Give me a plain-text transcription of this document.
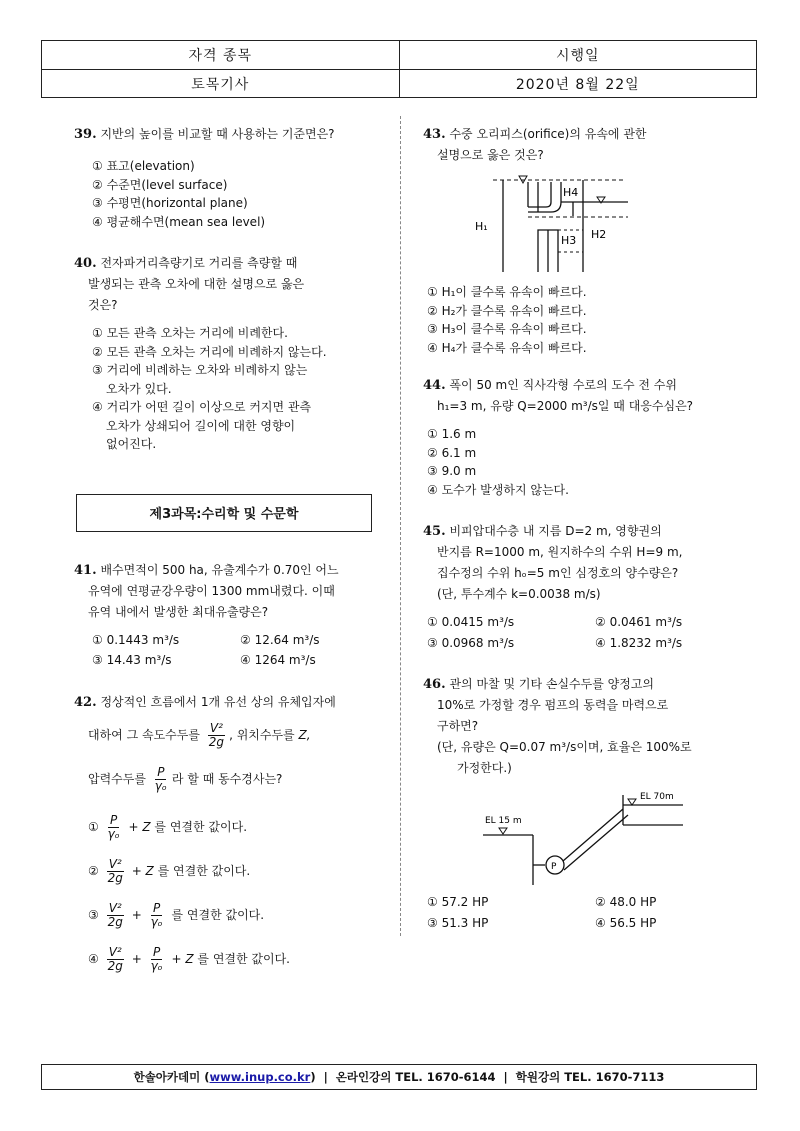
자격 종목	시행일
토목기사	2020년 8월 22일
39. 지반의 높이를 비교할 때 사용하는 기준면은?
① 표고(elevation)
② 수준면(level surface)
③ 수평면(horizontal plane)
④ 평균해수면(mean sea level)
40. 전자파거리측량기로 거리를 측량할 때
발생되는 관측 오차에 대한 설명으로 옳은
것은?
① 모든 관측 오차는 거리에 비례한다.
② 모든 관측 오차는 거리에 비례하지 않는다.
③ 거리에 비례하는 오차와 비례하지 않는
오차가 있다.
④ 거리가 어떤 길이 이상으로 커지면 관측
오차가 상쇄되어 길이에 대한 영향이
없어진다.
제3과목:수리학 및 수문학
41. 배수면적이 500 ha, 유출계수가 0.70인 어느
유역에 연평균강우량이 1300 mm내렸다. 이때
유역 내에서 발생한 최대유출량은?
① 0.1443 m³/s	② 12.64 m³/s
③ 14.43 m³/s	④ 1264 m³/s
42. 정상적인 흐름에서 1개 유선 상의 유체입자에
대하여 그 속도수두를 $\frac{\text{V²}}{2g}$ , 위치수두를 Z,
압력수두를 $\frac{P}{\text{γₒ}}$ 라 할 때 동수경사는?
① $\frac{P}{\text{γₒ}} + Z$ 를 연결한 값이다.
② $\frac{\text{V²}}{2g} + Z$ 를 연결한 값이다.
③ $\frac{\text{V²}}{2g} + \frac{P}{\text{γₒ}}$ 를 연결한 값이다.
④ $\frac{\text{V²}}{2g} + \frac{P}{\text{γₒ}} + Z$ 를 연결한 값이다.
43. 수중 오리피스(orifice)의 유속에 관한
설명으로 옳은 것은?
H₁
H2
H3
H4
① H₁이 클수록 유속이 빠르다.
② H₂가 클수록 유속이 빠르다.
③ H₃이 클수록 유속이 빠르다.
④ H₄가 클수록 유속이 빠르다.
44. 폭이 50 m인 직사각형 수로의 도수 전 수위
h₁=3 m, 유량 Q=2000 m³/s일 때 대응수심은?
① 1.6 m
② 6.1 m
③ 9.0 m
④ 도수가 발생하지 않는다.
45. 비피압대수층 내 지름 D=2 m, 영향권의
반지름 R=1000 m, 원지하수의 수위 H=9 m,
집수정의 수위 hₒ=5 m인 심정호의 양수량은?
(단, 투수계수 k=0.0038 m/s)
① 0.0415 m³/s	② 0.0461 m³/s
③ 0.0968 m³/s	④ 1.8232 m³/s
46. 관의 마찰 및 기타 손실수두를 양정고의
10%로 가정할 경우 펌프의 동력을 마력으로
구하면?
(단, 유량은 Q=0.07 m³/s이며, 효율은 100%로
가정한다.)
EL 70m
EL 15 m
P
① 57.2 HP	② 48.0 HP
③ 51.3 HP	④ 56.5 HP
한솔아카데미 ( www.inup.co.kr )  |  온라인강의 TEL. 1670-6144  |  학원강의 TEL. 1670-7113
